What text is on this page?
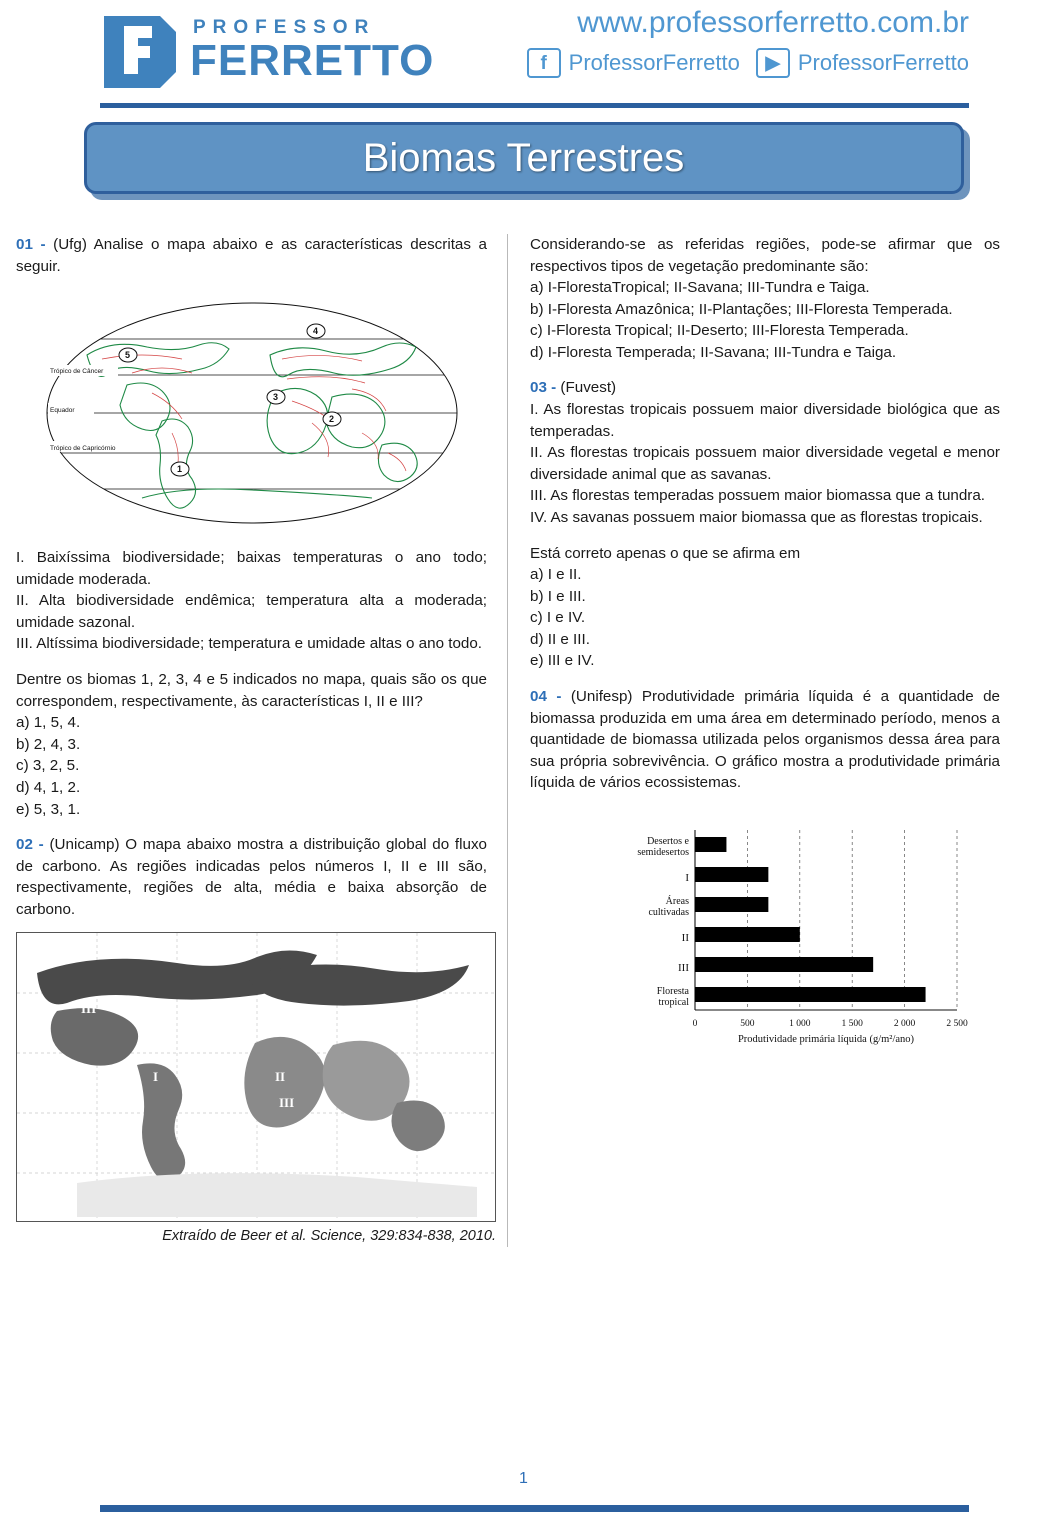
PROFESSOR
FERRETTO
www.professorferretto.com.br
f ProfessorFerretto	▶ ProfessorFerretto
Biomas Terrestres

01 - (Ufg) Analise o mapa abaixo e as características descritas a seguir.

Trópico de Câncer
Equador
Trópico de Capricórnio
1
2
3
4
5

I. Baixíssima biodiversidade; baixas temperaturas o ano todo; umidade moderada.

II. Alta biodiversidade endêmica; temperatura alta a moderada; umidade sazonal.

III. Altíssima biodiversidade; temperatura e umidade altas o ano todo.

Dentre os biomas 1, 2, 3, 4 e 5 indicados no mapa, quais são os que correspondem, respectivamente, às características I, II e III?

a) 1, 5, 4.

b) 2, 4, 3.

c) 3, 2, 5.

d) 4, 1, 2.

e) 5, 3, 1.

02 - (Unicamp) O mapa abaixo mostra a distribuição global do fluxo de carbono. As regiões indicadas pelos números I, II e III são, respectivamente, regiões de alta, média e baixa absorção de carbono.

III	III
I
II
II
III
Extraído de Beer et al. Science, 329:834-838, 2010.

Considerando-se as referidas regiões, pode-se afirmar que os respectivos tipos de vegetação predominante são:

a) I-FlorestaTropical; II-Savana; III-Tundra e Taiga.

b) I-Floresta Amazônica; II-Plantações; III-Floresta Temperada.

c) I-Floresta Tropical; II-Deserto; III-Floresta Temperada.

d) I-Floresta Temperada; II-Savana; III-Tundra e Taiga.

03 - (Fuvest)

I. As florestas tropicais possuem maior diversidade biológica que as temperadas.

II. As florestas tropicais possuem maior diversidade vegetal e menor diversidade animal que as savanas.

III. As florestas temperadas possuem maior biomassa que a tundra.

IV. As savanas possuem maior biomassa que as florestas tropicais.

Está correto apenas o que se afirma em

a) I e II.

b) I e III.

c) I e IV.

d) II e III.

e) III e IV.

04 - (Unifesp) Produtividade primária líquida é a quantidade de biomassa produzida em uma área em determinado período, menos a quantidade de biomassa utilizada pelos organismos dessa área para sua própria sobrevivência. O gráfico mostra a produtividade primária líquida de vários ecossistemas.

0	500	1 000	1 500	2 000	2 500
Desertos e
semidesertos
I
Áreas
cultivadas
II
III
Floresta
tropical
Produtividade primária líquida (g/m²/ano)
1
